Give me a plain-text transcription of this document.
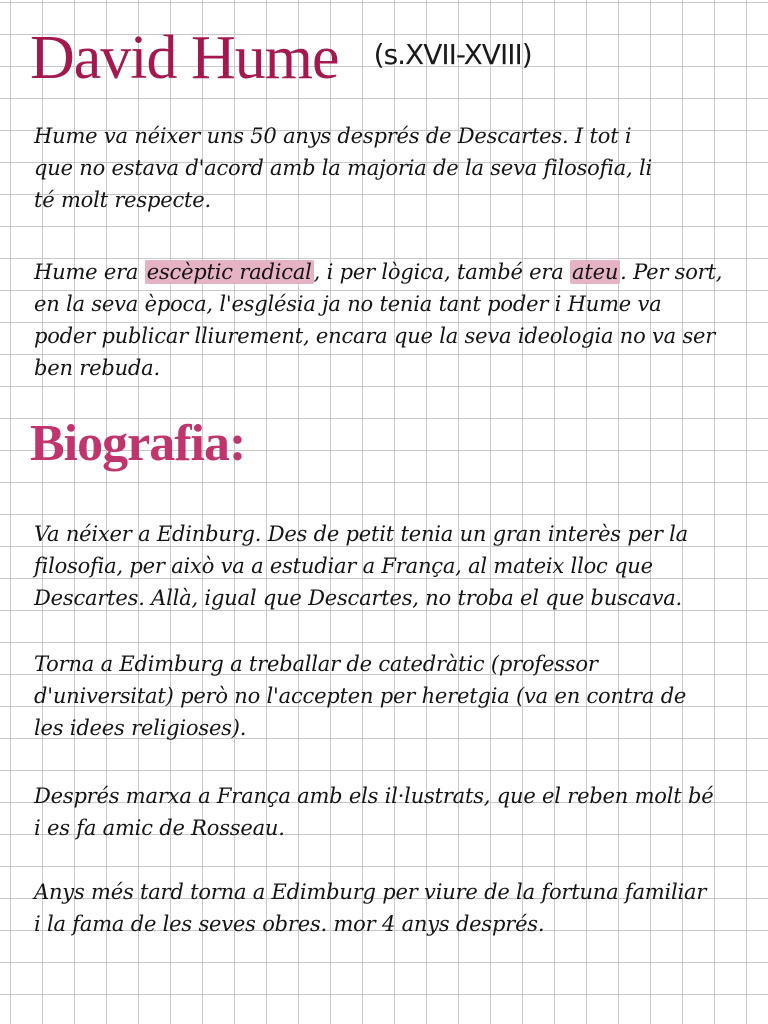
David Hume (s.XVII-XVIII)

Hume va néixer uns 50 anys després de Descartes. I tot i
que no estava d'acord amb la majoria de la seva filosofia, li
té molt respecte.

Hume era escèptic radical, i per lògica, també era ateu. Per sort,
en la seva època, l'església ja no tenia tant poder i Hume va
poder publicar lliurement, encara que la seva ideologia no va ser
ben rebuda.

Biografia:

Va néixer a Edinburg. Des de petit tenia un gran interès per la
filosofia, per això va a estudiar a França, al mateix lloc que
Descartes. Allà, igual que Descartes, no troba el que buscava.

Torna a Edimburg a treballar de catedràtic (professor
d'universitat) però no l'accepten per heretgia (va en contra de
les idees religioses).

Després marxa a França amb els il·lustrats, que el reben molt bé
i es fa amic de Rosseau.

Anys més tard torna a Edimburg per viure de la fortuna familiar
i la fama de les seves obres. mor 4 anys després.
